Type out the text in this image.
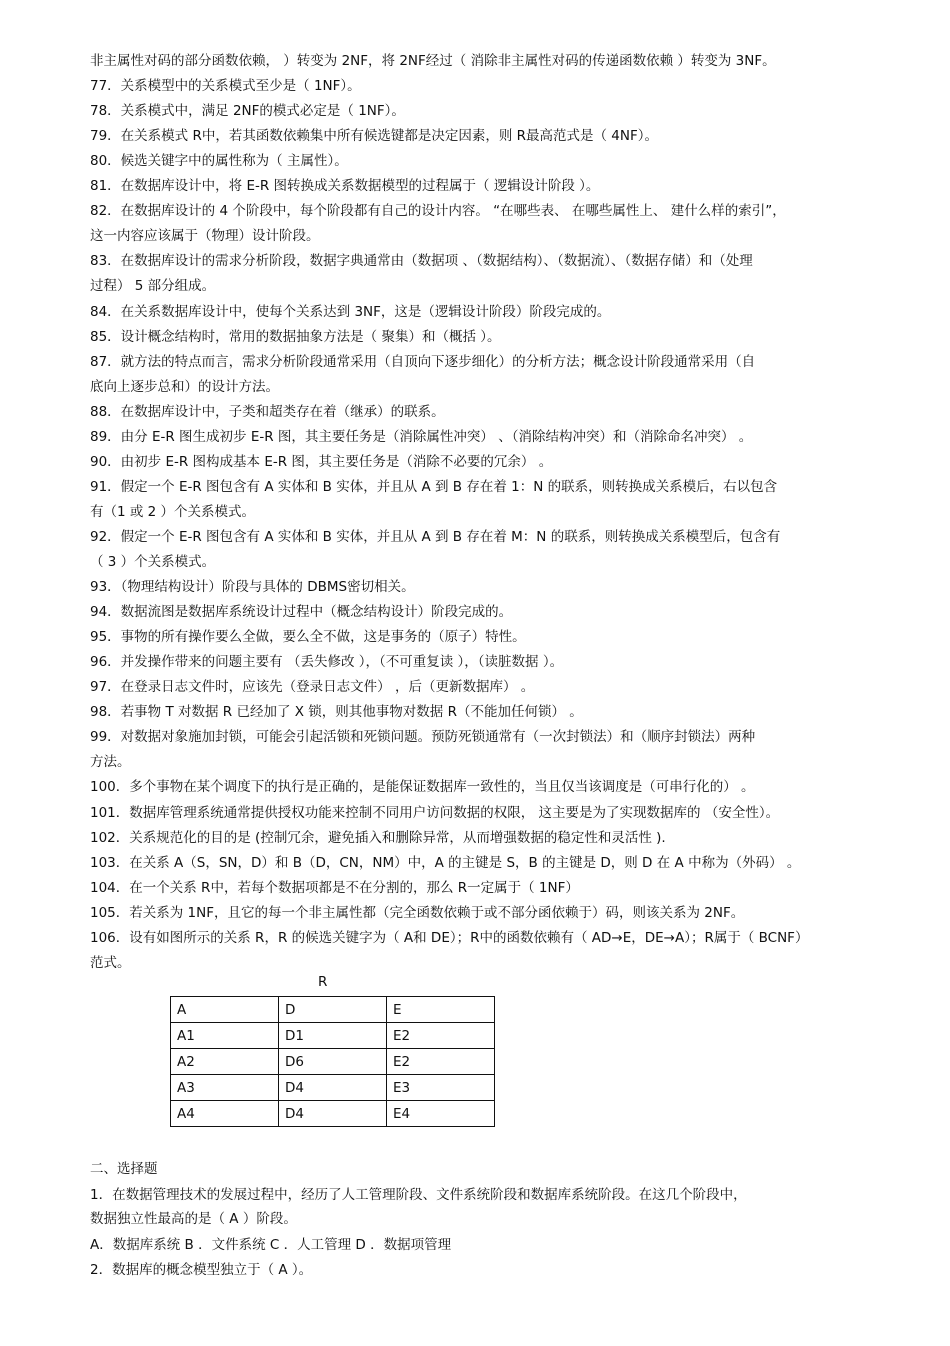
非主属性对码的部分函数依赖， ）转变为 2NF，将 2NF经过（ 消除非主属性对码的传递函数依赖 ）转变为 3NF。
77．关系模型中的关系模式至少是（ 1NF）。
78．关系模式中，满足 2NF的模式必定是（ 1NF）。
79．在关系模式 R中，若其函数依赖集中所有候选键都是决定因素，则 R最高范式是（ 4NF）。
80．候选关键字中的属性称为（ 主属性）。
81．在数据库设计中，将 E-R 图转换成关系数据模型的过程属于（ 逻辑设计阶段 ）。
82．在数据库设计的 4 个阶段中，每个阶段都有自己的设计内容。 “在哪些表、 在哪些属性上、 建什么样的索引”，
这一内容应该属于（物理）设计阶段。
83．在数据库设计的需求分析阶段，数据字典通常由（数据项 、（数据结构）、（数据流）、（数据存储）和（处理
过程） 5 部分组成。
84．在关系数据库设计中，使每个关系达到 3NF，这是（逻辑设计阶段）阶段完成的。
85．设计概念结构时，常用的数据抽象方法是（ 聚集）和（概括 ）。
87．就方法的特点而言，需求分析阶段通常采用（自顶向下逐步细化）的分析方法；概念设计阶段通常采用（自
底向上逐步总和）的设计方法。
88．在数据库设计中，子类和超类存在着（继承）的联系。
89．由分 E-R 图生成初步 E-R 图，其主要任务是（消除属性冲突） 、（消除结构冲突）和（消除命名冲突） 。
90．由初步 E-R 图构成基本 E-R 图，其主要任务是（消除不必要的冗余） 。
91．假定一个 E-R 图包含有 A 实体和 B 实体，并且从 A 到 B 存在着 1：N 的联系，则转换成关系模后，右以包含
有（1 或 2 ）个关系模式。
92．假定一个 E-R 图包含有 A 实体和 B 实体，并且从 A 到 B 存在着 M：N 的联系，则转换成关系模型后，包含有
（ 3 ）个关系模式。
93．（物理结构设计）阶段与具体的 DBMS密切相关。
94．数据流图是数据库系统设计过程中（概念结构设计）阶段完成的。
95．事物的所有操作要么全做，要么全不做，这是事务的（原子）特性。
96．并发操作带来的问题主要有 （丢失修改 ），（不可重复读 ），（读脏数据 ）。
97．在登录日志文件时，应该先（登录日志文件） ，后（更新数据库） 。
98．若事物 T 对数据 R 已经加了 X 锁，则其他事物对数据 R（不能加任何锁） 。
99．对数据对象施加封锁，可能会引起活锁和死锁问题。预防死锁通常有（一次封锁法）和（顺序封锁法）两种
方法。
100．多个事物在某个调度下的执行是正确的，是能保证数据库一致性的，当且仅当该调度是（可串行化的） 。
101．数据库管理系统通常提供授权功能来控制不同用户访问数据的权限， 这主要是为了实现数据库的 （安全性）。
102．关系规范化的目的是 (控制冗余，避免插入和删除异常，从而增强数据的稳定性和灵活性 ).
103．在关系 A（S，SN，D）和 B（D，CN，NM）中，A 的主键是 S，B 的主键是 D，则 D 在 A 中称为（外码） 。
104．在一个关系 R中，若每个数据项都是不在分割的，那么 R一定属于（ 1NF）
105．若关系为 1NF，且它的每一个非主属性都（完全函数依赖于或不部分函依赖于）码，则该关系为 2NF。
106．设有如图所示的关系 R，R 的候选关键字为（ A和 DE）；R中的函数依赖有（ AD→E，DE→A）；R属于（ BCNF）
范式。
R
A	D	E
A1	D1	E2
A2	D6	E2
A3	D4	E3
A4	D4	E4
二、选择题
1．在数据管理技术的发展过程中，经历了人工管理阶段、文件系统阶段和数据库系统阶段。在这几个阶段中，
数据独立性最高的是（ A ）阶段。
A．数据库系统 B ．文件系统 C ．人工管理 D ．数据项管理
2．数据库的概念模型独立于（ A ）。
